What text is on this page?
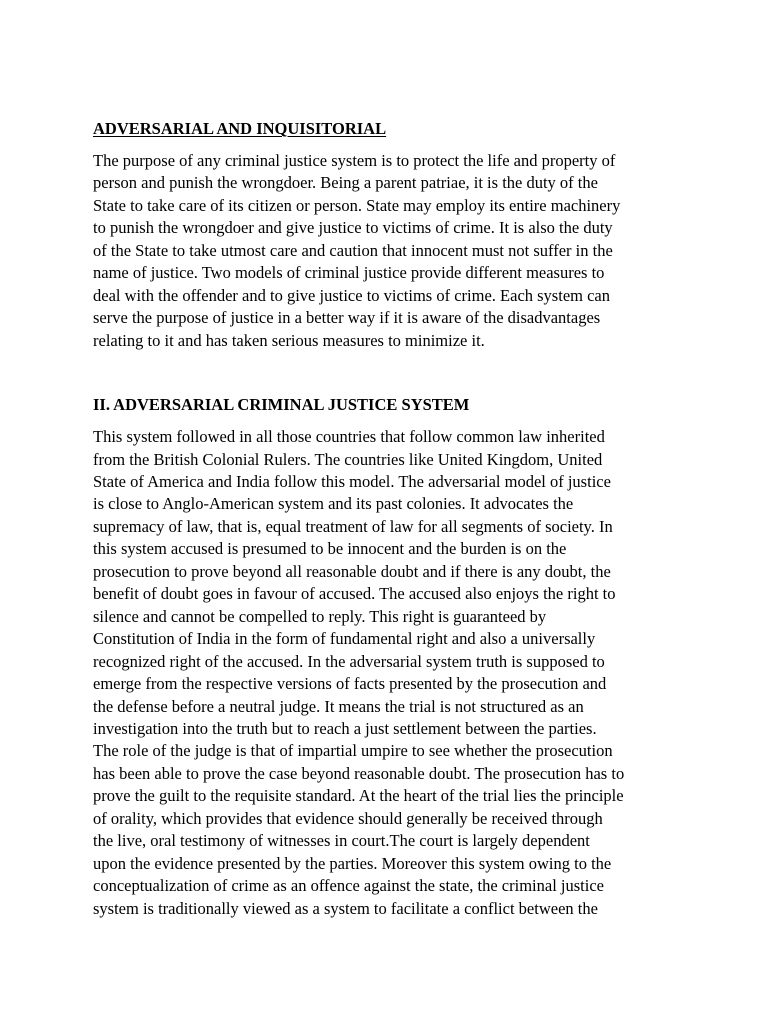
ADVERSARIAL AND INQUISITORIAL
The purpose of any criminal justice system is to protect the life and property of
person and punish the wrongdoer. Being a parent patriae, it is the duty of the
State to take care of its citizen or person. State may employ its entire machinery
to punish the wrongdoer and give justice to victims of crime. It is also the duty
of the State to take utmost care and caution that innocent must not suffer in the
name of justice. Two models of criminal justice provide different measures to
deal with the offender and to give justice to victims of crime. Each system can
serve the purpose of justice in a better way if it is aware of the disadvantages
relating to it and has taken serious measures to minimize it.
II. ADVERSARIAL CRIMINAL JUSTICE SYSTEM
This system followed in all those countries that follow common law inherited
from the British Colonial Rulers. The countries like United Kingdom, United
State of America and India follow this model. The adversarial model of justice
is close to Anglo-American system and its past colonies. It advocates the
supremacy of law, that is, equal treatment of law for all segments of society. In
this system accused is presumed to be innocent and the burden is on the
prosecution to prove beyond all reasonable doubt and if there is any doubt, the
benefit of doubt goes in favour of accused. The accused also enjoys the right to
silence and cannot be compelled to reply. This right is guaranteed by
Constitution of India in the form of fundamental right and also a universally
recognized right of the accused. In the adversarial system truth is supposed to
emerge from the respective versions of facts presented by the prosecution and
the defense before a neutral judge. It means the trial is not structured as an
investigation into the truth but to reach a just settlement between the parties.
The role of the judge is that of impartial umpire to see whether the prosecution
has been able to prove the case beyond reasonable doubt. The prosecution has to
prove the guilt to the requisite standard. At the heart of the trial lies the principle
of orality, which provides that evidence should generally be received through
the live, oral testimony of witnesses in court.The court is largely dependent
upon the evidence presented by the parties. Moreover this system owing to the
conceptualization of crime as an offence against the state, the criminal justice
system is traditionally viewed as a system to facilitate a conflict between the
